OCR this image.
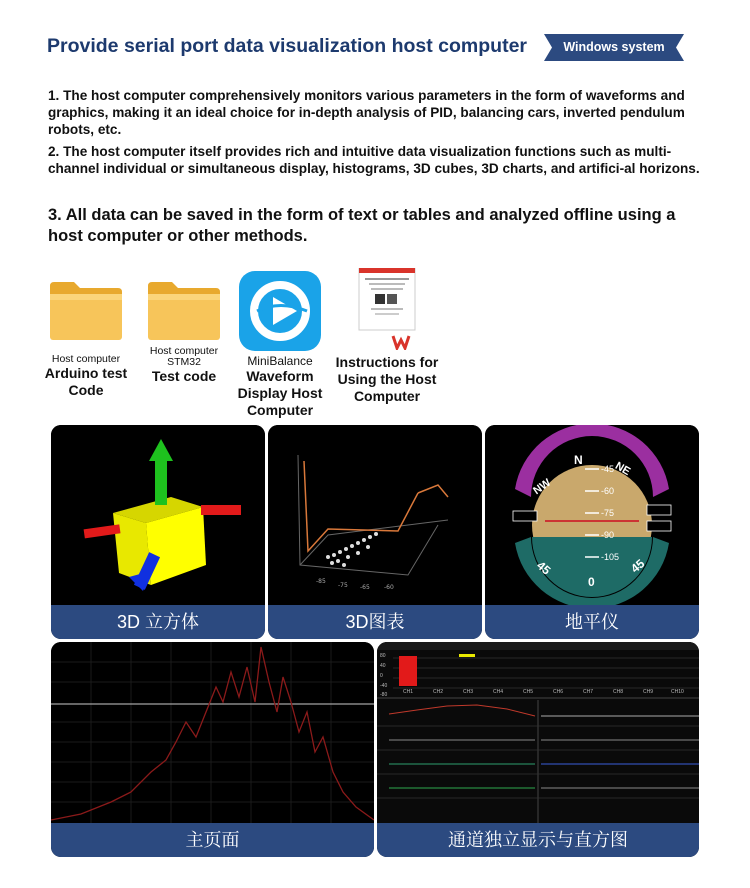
Provide serial port data visualization host computer	Windows system
1. The host computer comprehensively monitors various parameters in the form of waveforms and graphics, making it an ideal choice for in-depth analysis of PID, balancing cars, inverted pendulum robots, etc.
2. The host computer itself provides rich and intuitive data visualization functions such as multi-channel individual or simultaneous display, histograms, 3D cubes, 3D charts, and artifici-al horizons.
3. All data can be saved in the form of text or tables and analyzed offline using a host computer or other methods.
Host computer
Arduino test
Code
Host computer
STM32
Test code
MiniBalance
Waveform
Display Host
Computer
Instructions for
Using the Host
Computer
3D 立方体
-85
-75 -65 -60
3D图表
NW
N	NE
-45
-60
-75
-90
-105
45
0
45
地平仪
主页面
80
40
0
-40
-80	CH1	CH2	CH3	CH4	CH5	CH6	CH7	CH8	CH9	CH10
通道独立显示与直方图
